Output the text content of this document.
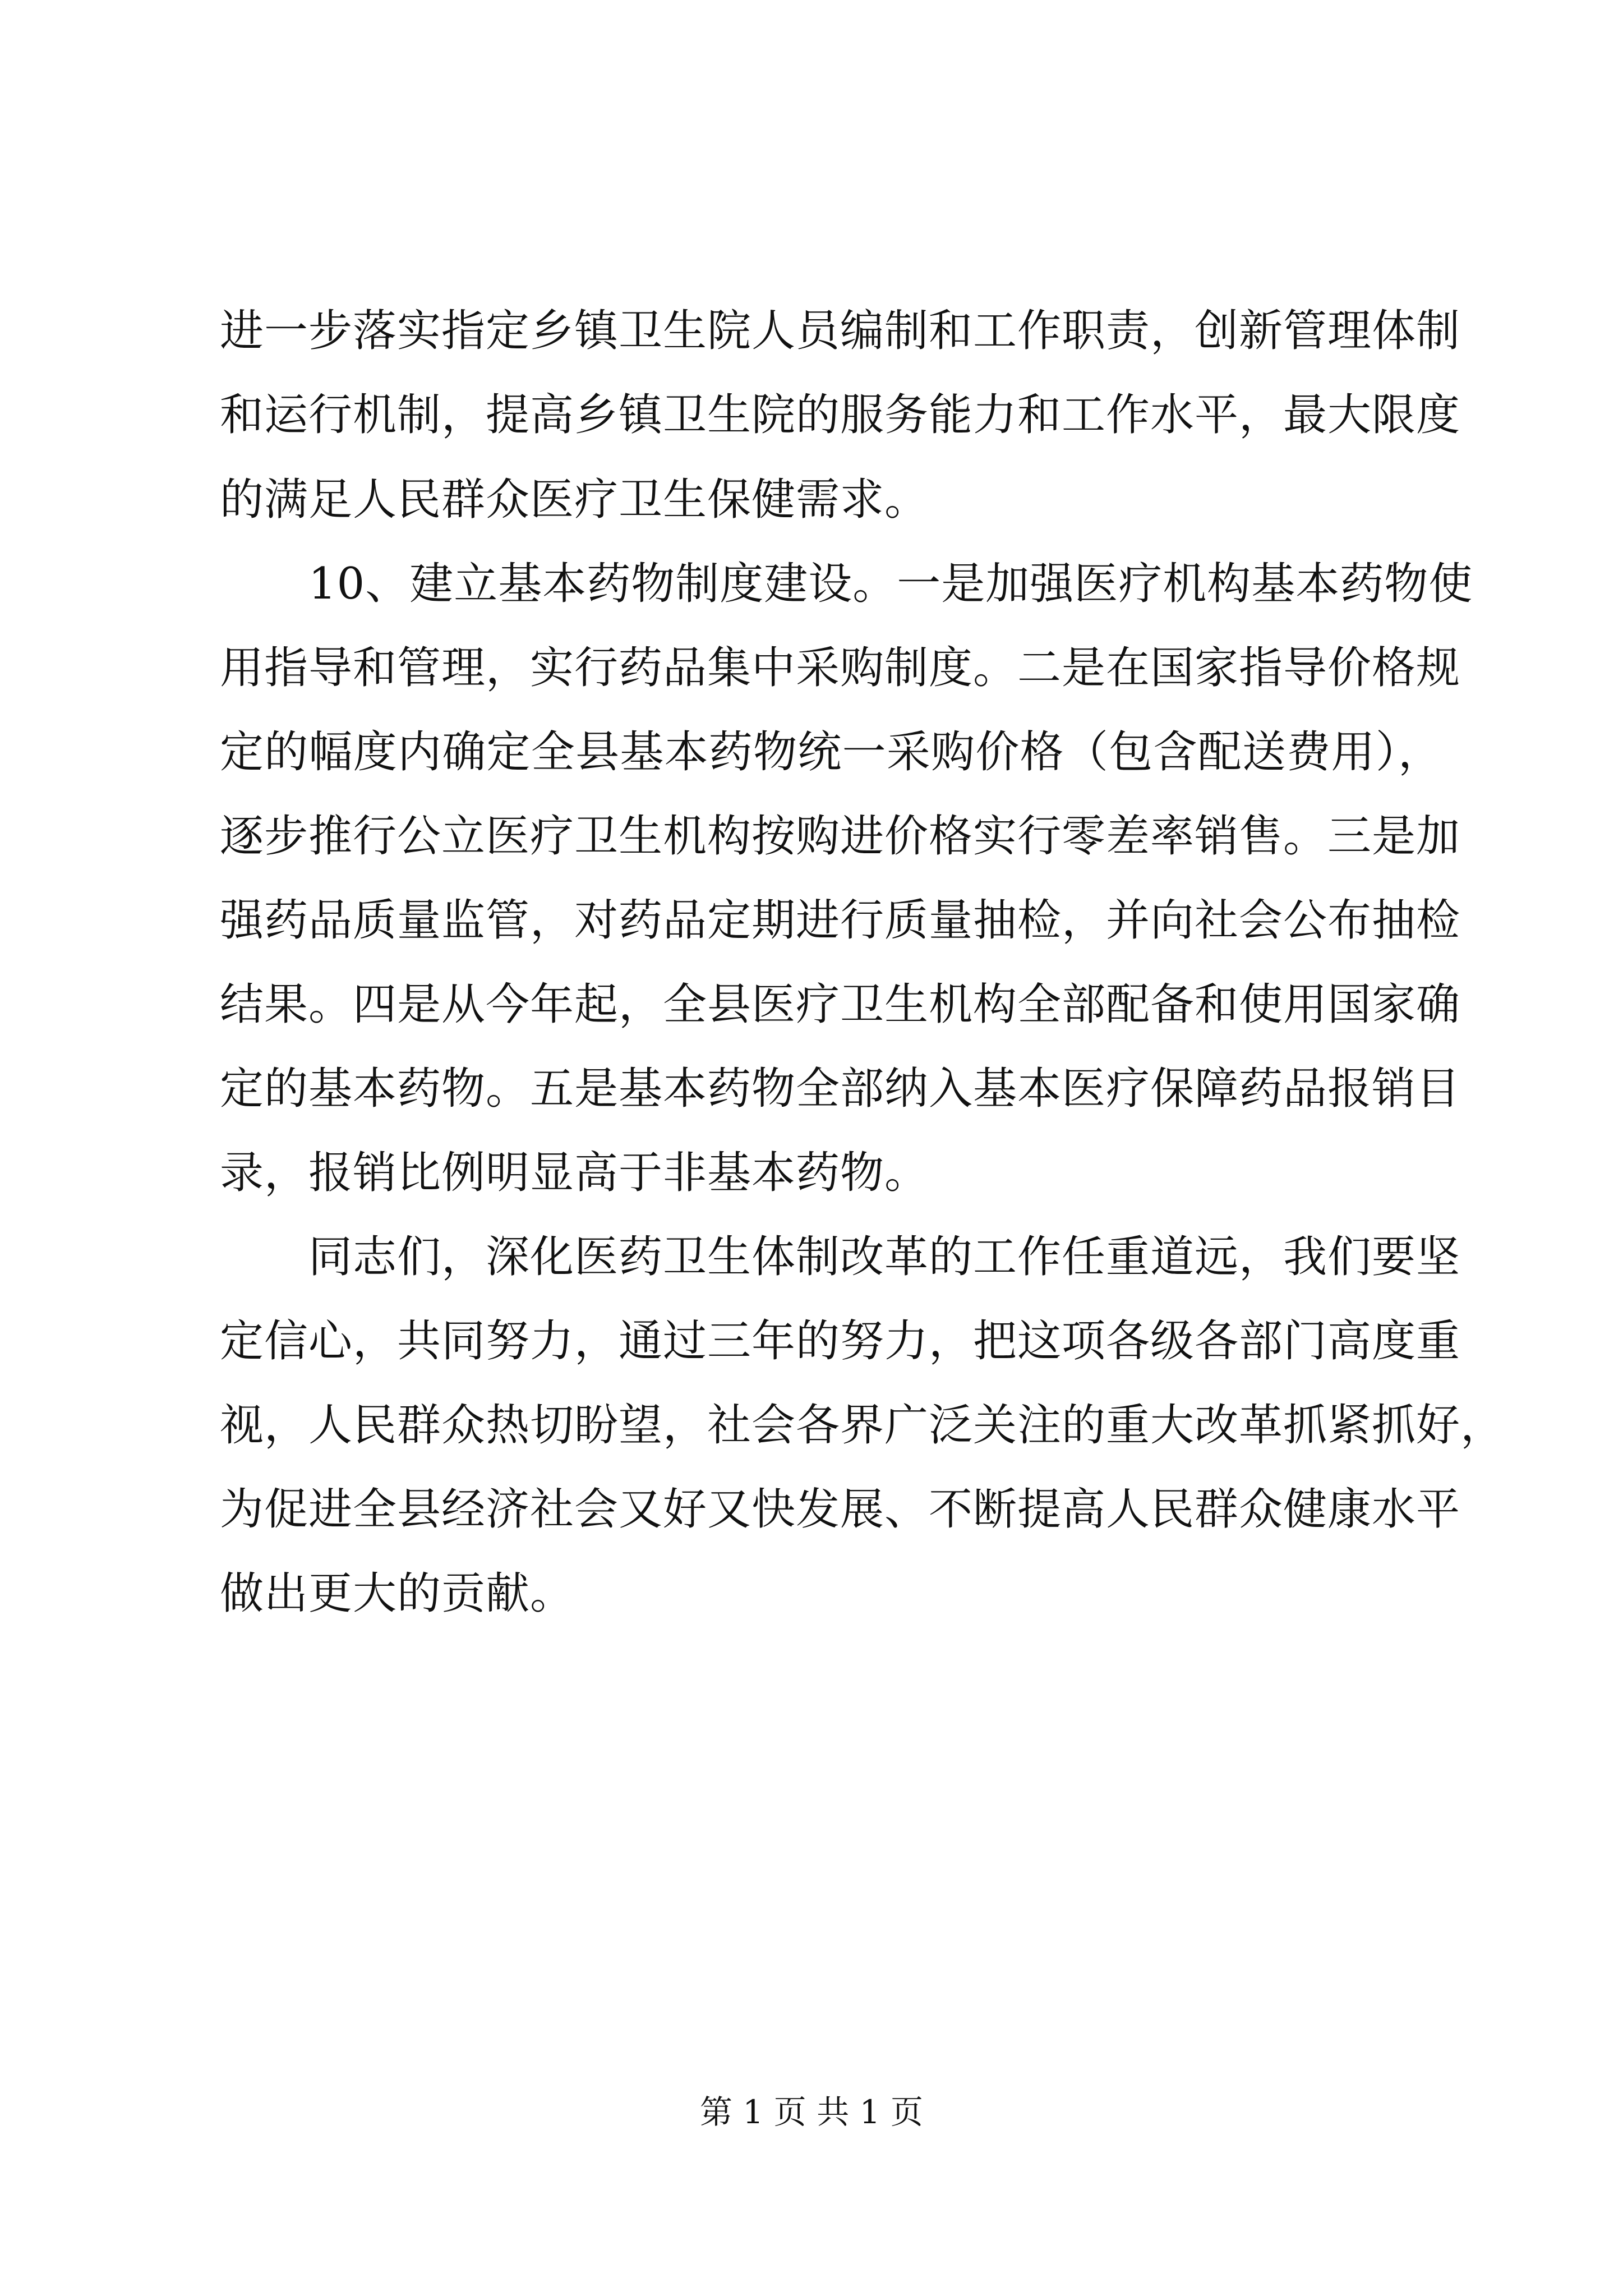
进一步落实指定乡镇卫生院人员编制和工作职责，创新管理体制
和运行机制，提高乡镇卫生院的服务能力和工作水平，最大限度
的满足人民群众医疗卫生保健需求。
　　10、建立基本药物制度建设。一是加强医疗机构基本药物使
用指导和管理，实行药品集中采购制度。二是在国家指导价格规
定的幅度内确定全县基本药物统一采购价格（包含配送费用），
逐步推行公立医疗卫生机构按购进价格实行零差率销售。三是加
强药品质量监管，对药品定期进行质量抽检，并向社会公布抽检
结果。四是从今年起，全县医疗卫生机构全部配备和使用国家确
定的基本药物。五是基本药物全部纳入基本医疗保障药品报销目
录，报销比例明显高于非基本药物。
　　同志们，深化医药卫生体制改革的工作任重道远，我们要坚
定信心，共同努力，通过三年的努力，把这项各级各部门高度重
视，人民群众热切盼望，社会各界广泛关注的重大改革抓紧抓好，
为促进全县经济社会又好又快发展、不断提高人民群众健康水平
做出更大的贡献。
第 1 页 共 1 页
